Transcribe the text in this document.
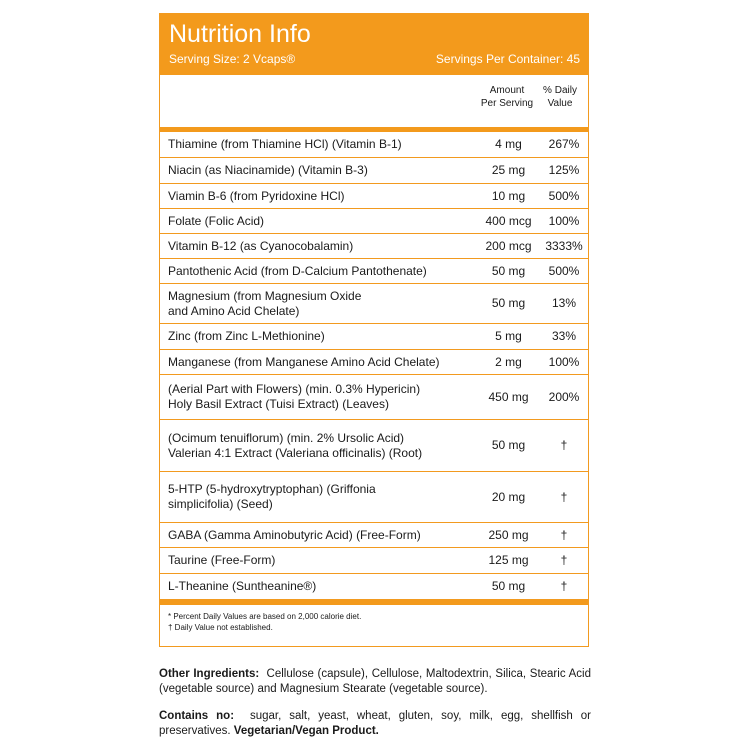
Nutrition Info
Serving Size: 2 Vcaps®	Servings Per Container: 45
Amount
Per Serving
% Daily
Value
Thiamine (from Thiamine HCl) (Vitamin B-1)	4 mg	267%
Niacin (as Niacinamide) (Vitamin B-3)	25 mg	125%
Viamin B-6 (from Pyridoxine HCl)	10 mg	500%
Folate (Folic Acid)	400 mcg	100%
Vitamin B-12 (as Cyanocobalamin)	200 mcg	3333%
Pantothenic Acid (from D-Calcium Pantothenate)	50 mg	500%
Magnesium (from Magnesium Oxide
and Amino Acid Chelate)
50 mg	13%
Zinc (from Zinc L-Methionine)	5 mg	33%
Manganese (from Manganese Amino Acid Chelate)	2 mg	100%
(Aerial Part with Flowers) (min. 0.3% Hypericin)
Holy Basil Extract (Tuisi Extract) (Leaves)
450 mg	200%
(Ocimum tenuiflorum) (min. 2% Ursolic Acid)
Valerian 4:1 Extract (Valeriana officinalis) (Root)
50 mg	†
5-HTP (5-hydroxytryptophan) (Griffonia
simplicifolia) (Seed)
20 mg	†
GABA (Gamma Aminobutyric Acid) (Free-Form)	250 mg	†
Taurine (Free-Form)	125 mg	†
L-Theanine (Suntheanine®)	50 mg	†
* Percent Daily Values are based on 2,000 calorie diet.
† Daily Value not established.
Other Ingredients: Cellulose (capsule), Cellulose, Maltodextrin, Silica, Stearic Acid (vegetable source) and Magnesium Stearate (vegetable source).
Contains no: sugar, salt, yeast, wheat, gluten, soy, milk, egg, shellfish or preservatives. Vegetarian/Vegan Product.
